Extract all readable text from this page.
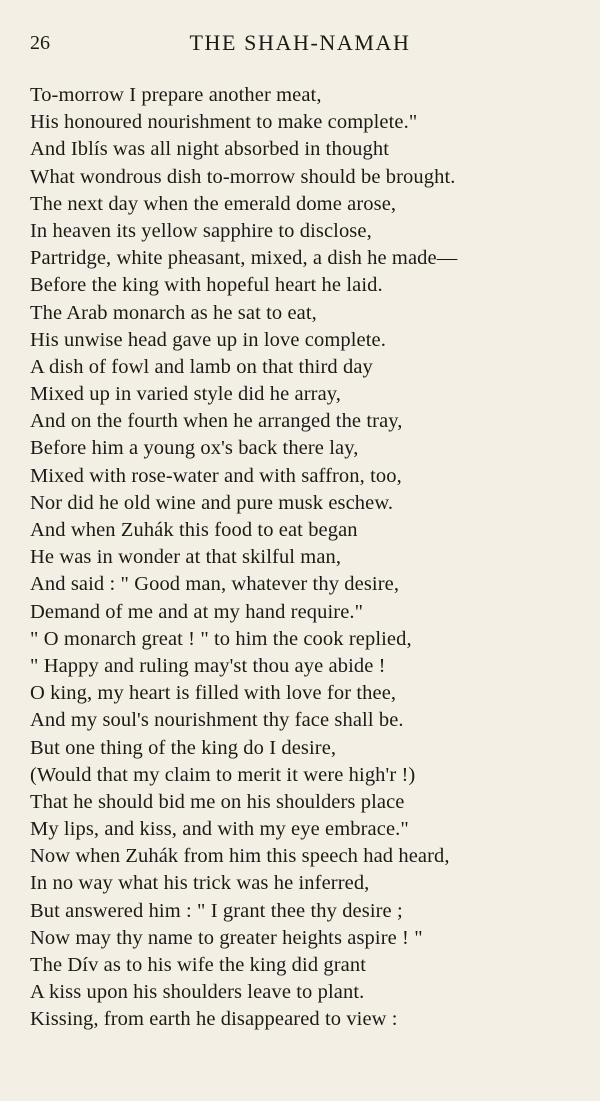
26	THE SHAH-NAMAH
To-morrow I prepare another meat,
His honoured nourishment to make complete."
And Iblís was all night absorbed in thought
What wondrous dish to-morrow should be brought.
The next day when the emerald dome arose,
In heaven its yellow sapphire to disclose,
Partridge, white pheasant, mixed, a dish he made—
Before the king with hopeful heart he laid.
The Arab monarch as he sat to eat,
His unwise head gave up in love complete.
A dish of fowl and lamb on that third day
Mixed up in varied style did he array,
And on the fourth when he arranged the tray,
Before him a young ox's back there lay,
Mixed with rose-water and with saffron, too,
Nor did he old wine and pure musk eschew.
And when Zuhák this food to eat began
He was in wonder at that skilful man,
And said : " Good man, whatever thy desire,
Demand of me and at my hand require."
" O monarch great ! " to him the cook replied,
" Happy and ruling may'st thou aye abide !
O king, my heart is filled with love for thee,
And my soul's nourishment thy face shall be.
But one thing of the king do I desire,
(Would that my claim to merit it were high'r !)
That he should bid me on his shoulders place
My lips, and kiss, and with my eye embrace."
Now when Zuhák from him this speech had heard,
In no way what his trick was he inferred,
But answered him : " I grant thee thy desire ;
Now may thy name to greater heights aspire ! "
The Dív as to his wife the king did grant
A kiss upon his shoulders leave to plant.
Kissing, from earth he disappeared to view :
